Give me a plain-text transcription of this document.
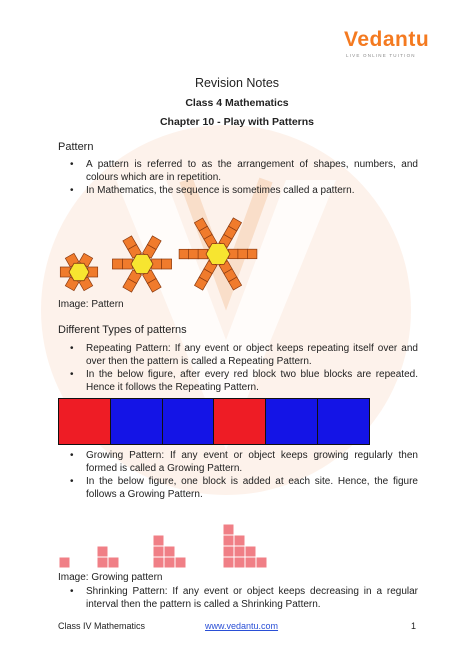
Vedantu
LIVE ONLINE TUITION
Revision Notes
Class 4 Mathematics
Chapter 10 - Play with Patterns
Pattern
• A pattern is referred to as the arrangement of shapes, numbers, and colours which are in repetition.
• In Mathematics, the sequence is sometimes called a pattern.
Image: Pattern
Different Types of patterns
• Repeating Pattern: If any event or object keeps repeating itself over and over then the pattern is called a Repeating Pattern.
• In the below figure, after every red block two blue blocks are repeated. Hence it follows the Repeating Pattern.
• Growing Pattern: If any event or object keeps growing regularly then formed is called a Growing Pattern.
• In the below figure, one block is added at each site. Hence, the figure follows a Growing Pattern.
Image: Growing pattern
• Shrinking Pattern: If any event or object keeps decreasing in a regular interval then the pattern is called a Shrinking Pattern.
Class IV Mathematics	www.vedantu.com	1
